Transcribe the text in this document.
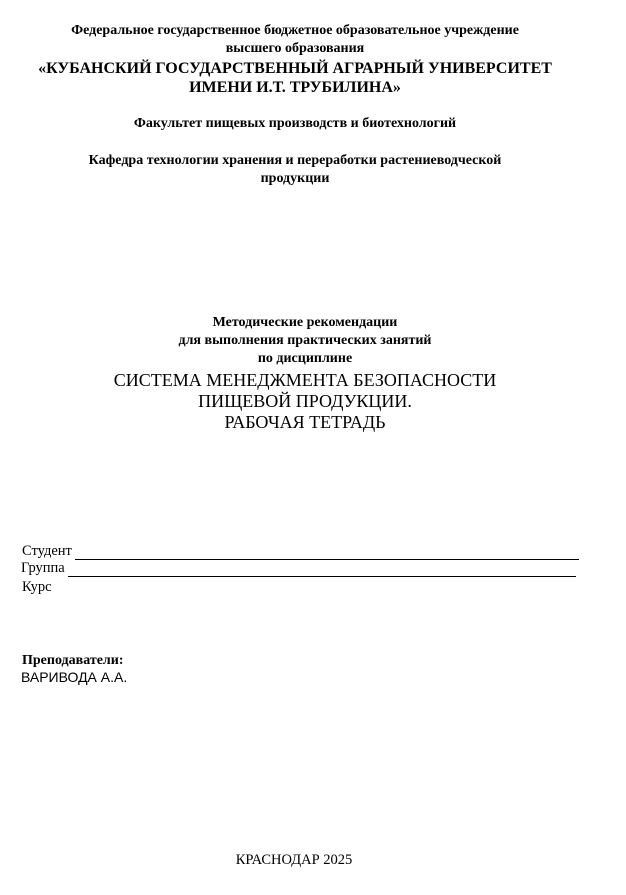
Федеральное государственное бюджетное образовательное учреждение
высшего образования
«КУБАНСКИЙ ГОСУДАРСТВЕННЫЙ АГРАРНЫЙ УНИВЕРСИТЕТ
ИМЕНИ И.Т. ТРУБИЛИНА»
Факультет пищевых производств и биотехнологий
Кафедра технологии хранения и переработки растениеводческой
продукции
Методические рекомендации
для выполнения практических занятий
по дисциплине
СИСТЕМА МЕНЕДЖМЕНТА БЕЗОПАСНОСТИ
ПИЩЕВОЙ ПРОДУКЦИИ.
РАБОЧАЯ ТЕТРАДЬ
Студент
Группа
Курс
Преподаватели:
ВАРИВОДА А.А.
КРАСНОДАР 2025
